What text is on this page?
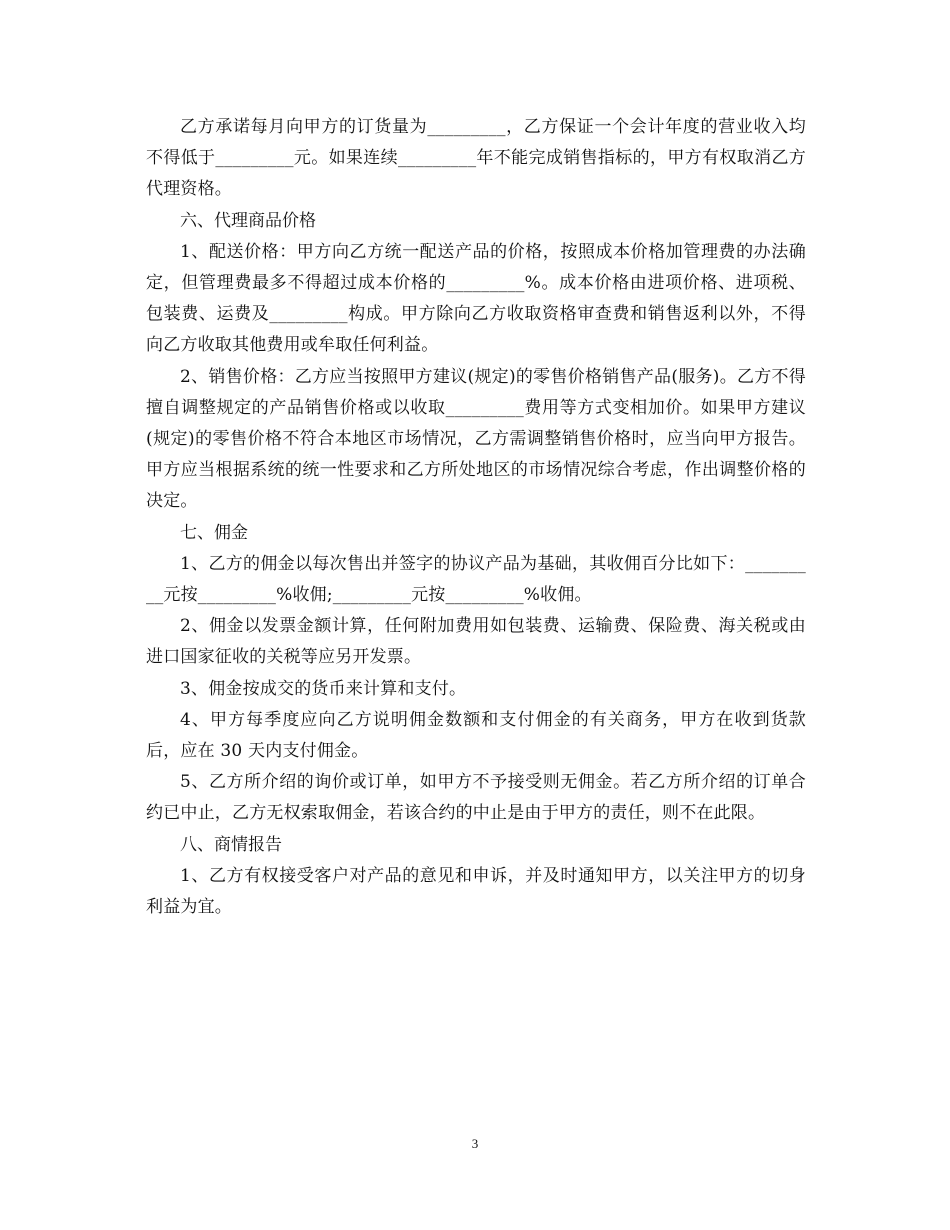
乙方承诺每月向甲方的订货量为_________，乙方保证一个会计年度的营业收入均不得低于_________元。如果连续_________年不能完成销售指标的，甲方有权取消乙方代理资格。

六、代理商品价格

1、配送价格：甲方向乙方统一配送产品的价格，按照成本价格加管理费的办法确定，但管理费最多不得超过成本价格的_________%。成本价格由进项价格、进项税、包装费、运费及_________构成。甲方除向乙方收取资格审查费和销售返利以外，不得向乙方收取其他费用或牟取任何利益。

2、销售价格：乙方应当按照甲方建议(规定)的零售价格销售产品(服务)。乙方不得擅自调整规定的产品销售价格或以收取_________费用等方式变相加价。如果甲方建议(规定)的零售价格不符合本地区市场情况，乙方需调整销售价格时，应当向甲方报告。甲方应当根据系统的统一性要求和乙方所处地区的市场情况综合考虑，作出调整价格的决定。

七、佣金

1、乙方的佣金以每次售出并签字的协议产品为基础，其收佣百分比如下：_________元按_________%收佣;_________元按_________%收佣。

2、佣金以发票金额计算，任何附加费用如包装费、运输费、保险费、海关税或由进口国家征收的关税等应另开发票。

3、佣金按成交的货币来计算和支付。

4、甲方每季度应向乙方说明佣金数额和支付佣金的有关商务，甲方在收到货款后，应在 30 天内支付佣金。

5、乙方所介绍的询价或订单，如甲方不予接受则无佣金。若乙方所介绍的订单合约已中止，乙方无权索取佣金，若该合约的中止是由于甲方的责任，则不在此限。

八、商情报告

1、乙方有权接受客户对产品的意见和申诉，并及时通知甲方，以关注甲方的切身利益为宜。

3
